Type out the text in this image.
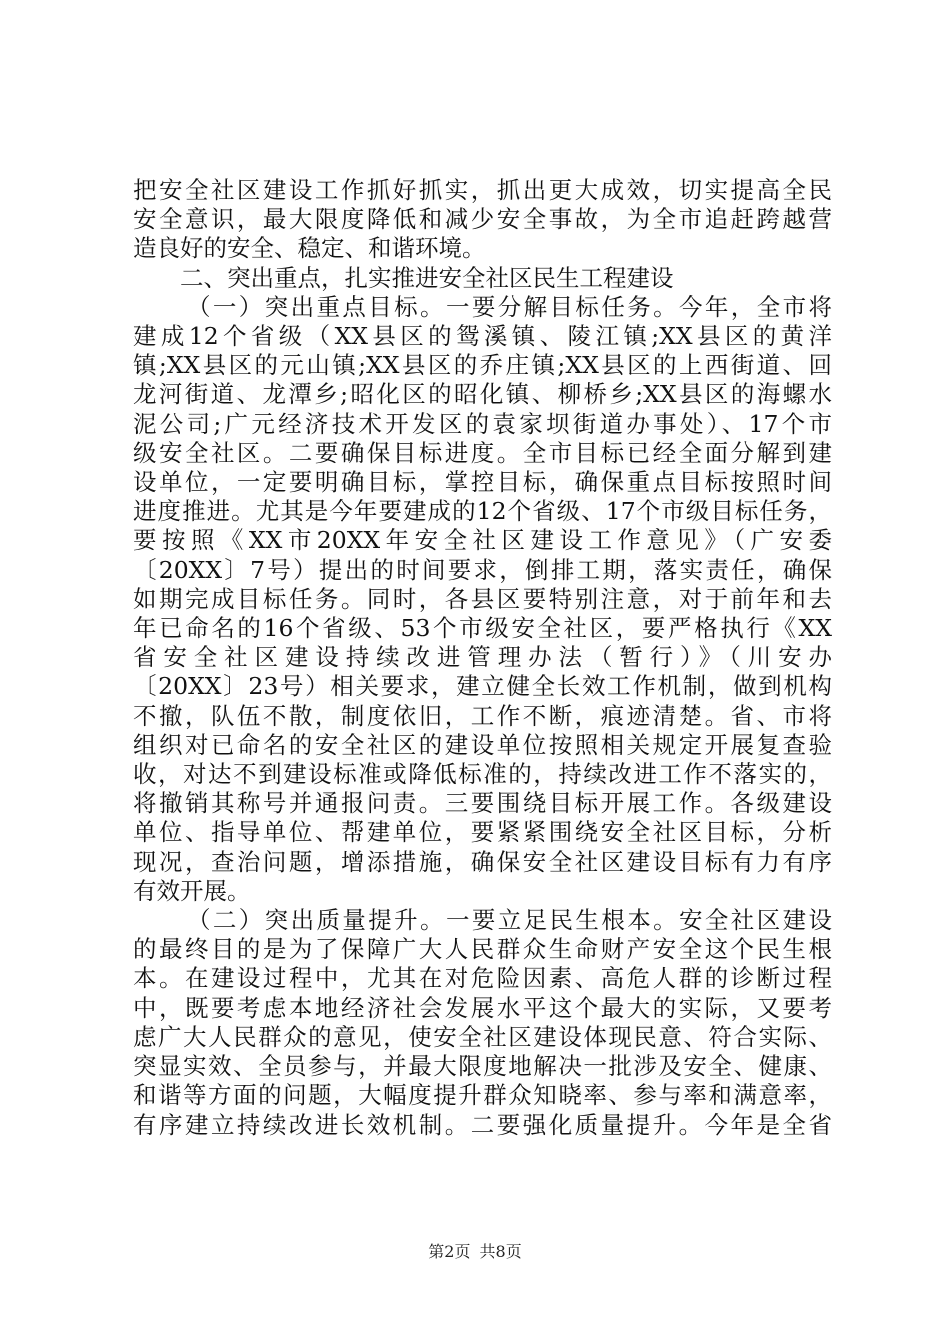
把安全社区建设工作抓好抓实，抓出更大成效，切实提高全民
安全意识，最大限度降低和减少安全事故，为全市追赶跨越营
造良好的安全、稳定、和谐环境。
二、突出重点，扎实推进安全社区民生工程建设
（一）突出重点目标。一要分解目标任务。今年，全市将
建成12个省级（XX县区的鸳溪镇、陵江镇;XX县区的黄洋
镇;XX县区的元山镇;XX县区的乔庄镇;XX县区的上西街道、回
龙河街道、龙潭乡;昭化区的昭化镇、柳桥乡;XX县区的海螺水
泥公司;广元经济技术开发区的袁家坝街道办事处）、17个市
级安全社区。二要确保目标进度。全市目标已经全面分解到建
设单位，一定要明确目标，掌控目标，确保重点目标按照时间
进度推进。尤其是今年要建成的12个省级、17个市级目标任务，
要按照《XX市20XX年安全社区建设工作意见》（广安委
〔20XX〕7号）提出的时间要求，倒排工期，落实责任，确保
如期完成目标任务。同时，各县区要特别注意，对于前年和去
年已命名的16个省级、53个市级安全社区，要严格执行《XX
省安全社区建设持续改进管理办法（暂行）》（川安办
〔20XX〕23号）相关要求，建立健全长效工作机制，做到机构
不撤，队伍不散，制度依旧，工作不断，痕迹清楚。省、市将
组织对已命名的安全社区的建设单位按照相关规定开展复查验
收，对达不到建设标准或降低标准的，持续改进工作不落实的，
将撤销其称号并通报问责。三要围绕目标开展工作。各级建设
单位、指导单位、帮建单位，要紧紧围绕安全社区目标，分析
现况，查治问题，增添措施，确保安全社区建设目标有力有序
有效开展。
（二）突出质量提升。一要立足民生根本。安全社区建设
的最终目的是为了保障广大人民群众生命财产安全这个民生根
本。在建设过程中，尤其在对危险因素、高危人群的诊断过程
中，既要考虑本地经济社会发展水平这个最大的实际，又要考
虑广大人民群众的意见，使安全社区建设体现民意、符合实际、
突显实效、全员参与，并最大限度地解决一批涉及安全、健康、
和谐等方面的问题，大幅度提升群众知晓率、参与率和满意率，
有序建立持续改进长效机制。二要强化质量提升。今年是全省
第2页 共8页
